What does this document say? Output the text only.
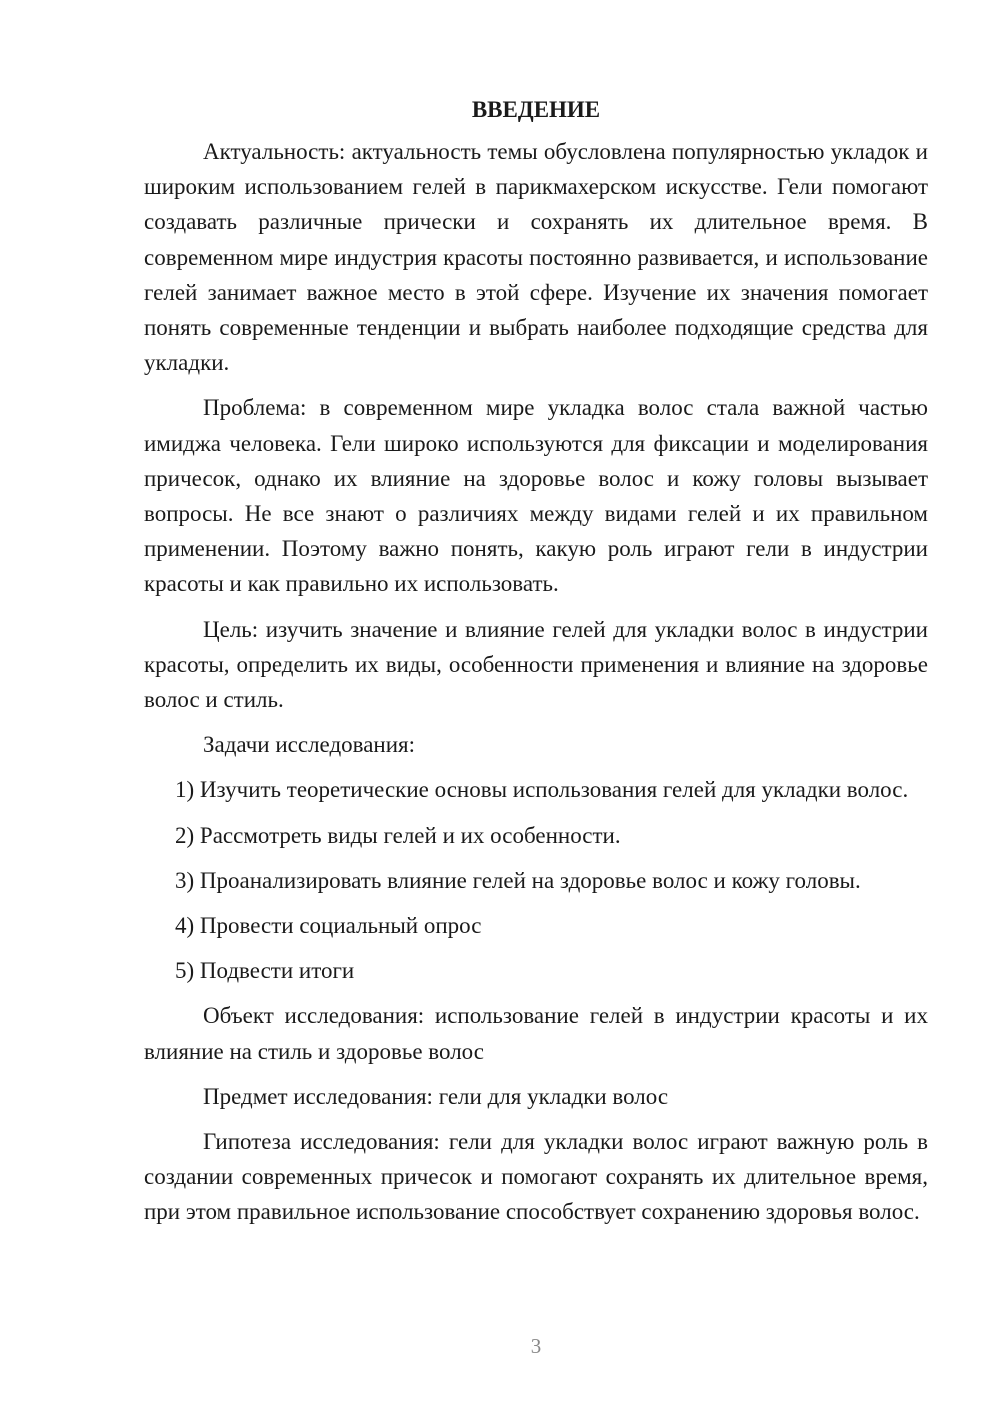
ВВЕДЕНИЕ

Актуальность: актуальность темы обусловлена популярностью укладок и широким использованием гелей в парикмахерском искусстве. Гели помогают создавать различные прически и сохранять их длительное время. В современном мире индустрия красоты постоянно развивается, и использование гелей занимает важное место в этой сфере. Изучение их значения помогает понять современные тенденции и выбрать наиболее подходящие средства для укладки.

Проблема: в современном мире укладка волос стала важной частью имиджа человека. Гели широко используются для фиксации и моделирования причесок, однако их влияние на здоровье волос и кожу головы вызывает вопросы. Не все знают о различиях между видами гелей и их правильном применении. Поэтому важно понять, какую роль играют гели в индустрии красоты и как правильно их использовать.

Цель: изучить значение и влияние гелей для укладки волос в индустрии красоты, определить их виды, особенности применения и влияние на здоровье волос и стиль.

Задачи исследования:

1) Изучить теоретические основы использования гелей для укладки волос.

2) Рассмотреть виды гелей и их особенности.

3) Проанализировать влияние гелей на здоровье волос и кожу головы.

4) Провести социальный опрос

5) Подвести итоги

Объект исследования: использование гелей в индустрии красоты и их влияние на стиль и здоровье волос

Предмет исследования: гели для укладки волос

Гипотеза исследования: гели для укладки волос играют важную роль в создании современных причесок и помогают сохранять их длительное время, при этом правильное использование способствует сохранению здоровья волос.

3
